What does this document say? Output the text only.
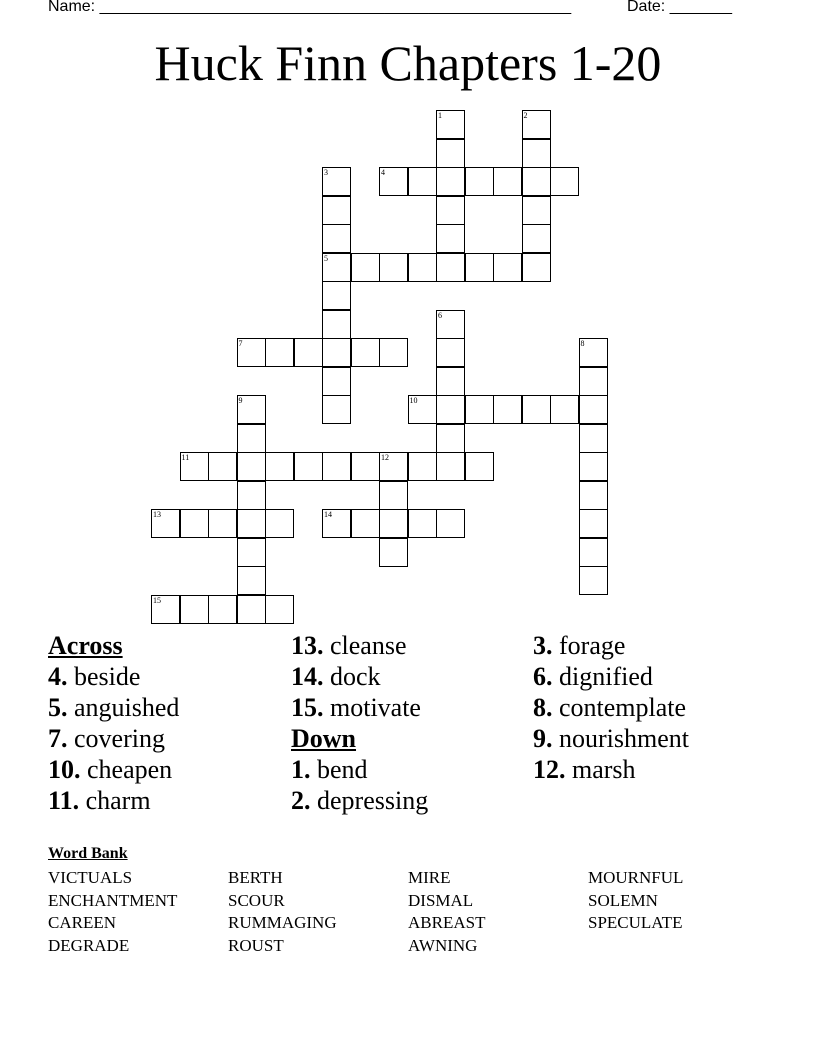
Name: _____________________________________________________	Date: _______
Huck Finn Chapters 1-20
4
5
7
10
11	12
13	14
15
1	2
3
6
8
9
Across
4. beside
5. anguished
7. covering
10. cheapen
11. charm
13. cleanse
14. dock
15. motivate
Down
1. bend
2. depressing
3. forage
6. dignified
8. contemplate
9. nourishment
12. marsh
Word Bank
VICTUALS
ENCHANTMENT
CAREEN
DEGRADE
BERTH
SCOUR
RUMMAGING
ROUST
MIRE
DISMAL
ABREAST
AWNING
MOURNFUL
SOLEMN
SPECULATE
